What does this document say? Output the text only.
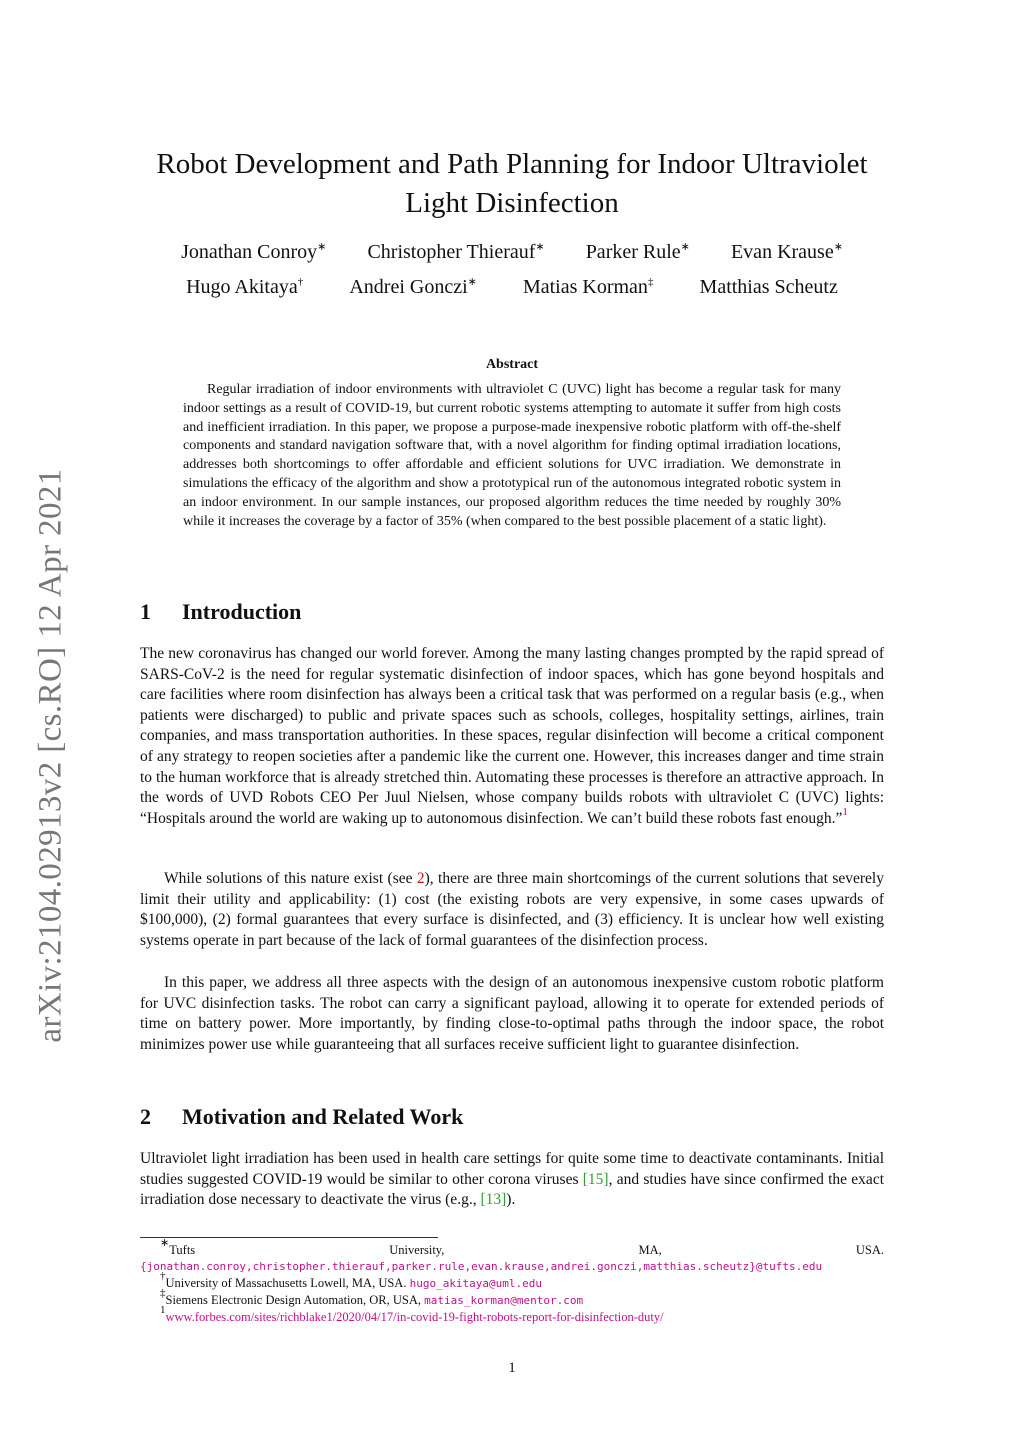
arXiv:2104.02913v2 [cs.RO] 12 Apr 2021
Robot Development and Path Planning for Indoor Ultraviolet Light Disinfection
Jonathan Conroy∗ Christopher Thierauf∗ Parker Rule∗ Evan Krause∗
Hugo Akitaya† Andrei Gonczi∗ Matias Korman‡ Matthias Scheutz
Abstract

Regular irradiation of indoor environments with ultraviolet C (UVC) light has become a regular task for many indoor settings as a result of COVID-19, but current robotic systems attempting to automate it suffer from high costs and inefficient irradiation. In this paper, we propose a purpose-made inexpensive robotic platform with off-the-shelf components and standard navigation software that, with a novel algorithm for finding optimal irradiation locations, addresses both shortcomings to offer affordable and efficient solutions for UVC irradiation. We demonstrate in simulations the efficacy of the algorithm and show a prototypical run of the autonomous integrated robotic system in an indoor environment. In our sample instances, our proposed algorithm reduces the time needed by roughly 30% while it increases the coverage by a factor of 35% (when compared to the best possible placement of a static light).

1 Introduction

The new coronavirus has changed our world forever. Among the many lasting changes prompted by the rapid spread of SARS-CoV-2 is the need for regular systematic disinfection of indoor spaces, which has gone beyond hospitals and care facilities where room disinfection has always been a critical task that was performed on a regular basis (e.g., when patients were discharged) to public and private spaces such as schools, colleges, hospitality settings, airlines, train companies, and mass transportation authorities. In these spaces, regular disinfection will become a critical component of any strategy to reopen societies after a pandemic like the current one. However, this increases danger and time strain to the human workforce that is already stretched thin. Automating these processes is therefore an attractive approach. In the words of UVD Robots CEO Per Juul Nielsen, whose company builds robots with ultraviolet C (UVC) lights: “Hospitals around the world are waking up to autonomous disinfection. We can’t build these robots fast enough.”$^1$

While solutions of this nature exist (see 2), there are three main shortcomings of the current solutions that severely limit their utility and applicability: (1) cost (the existing robots are very expensive, in some cases upwards of $100,000), (2) formal guarantees that every surface is disinfected, and (3) efficiency. It is unclear how well existing systems operate in part because of the lack of formal guarantees of the disinfection process.

In this paper, we address all three aspects with the design of an autonomous inexpensive custom robotic platform for UVC disinfection tasks. The robot can carry a significant payload, allowing it to operate for extended periods of time on battery power. More importantly, by finding close-to-optimal paths through the indoor space, the robot minimizes power use while guaranteeing that all surfaces receive sufficient light to guarantee disinfection.

2 Motivation and Related Work

Ultraviolet light irradiation has been used in health care settings for quite some time to deactivate contaminants. Initial studies suggested COVID-19 would be similar to other corona viruses [15], and studies have since confirmed the exact irradiation dose necessary to deactivate the virus (e.g., [13]).

∗Tufts University, MA, USA.{jonathan.conroy,christopher.thierauf,parker.rule,evan.krause,andrei.gonczi,matthias.scheutz}@tufts.edu

†University of Massachusetts Lowell, MA, USA. hugo_akitaya@uml.edu

‡Siemens Electronic Design Automation, OR, USA, matias_korman@mentor.com

$^1$www.forbes.com/sites/richblake1/2020/04/17/in-covid-19-fight-robots-report-for-disinfection-duty/

1
